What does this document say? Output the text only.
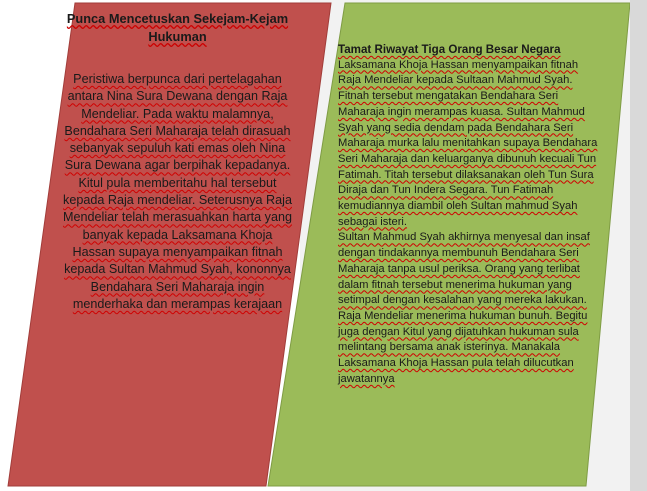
Punca Mencetuskan Sekejam-Kejam Hukuman

Peristiwa berpunca dari pertelagahan antara Nina Sura Dewana dengan Raja Mendeliar. Pada waktu malamnya, Bendahara Seri Maharaja telah dirasuah sebanyak sepuluh kati emas oleh Nina Sura Dewana agar berpihak kepadanya. Kitul pula memberitahu hal tersebut kepada Raja mendeliar. Seterusnya Raja Mendeliar telah merasuahkan harta yang banyak kepada Laksamana Khoja Hassan supaya menyampaikan fitnah kepada Sultan Mahmud Syah, kononnya Bendahara Seri Maharaja ingin menderhaka dan merampas kerajaan

Tamat Riwayat Tiga Orang Besar Negara

Laksamana Khoja Hassan menyampaikan fitnah Raja Mendeliar kepada Sultaan Mahmud Syah. Fitnah tersebut mengatakan Bendahara Seri Maharaja ingin merampas kuasa. Sultan Mahmud Syah yang sedia dendam pada Bendahara Seri Maharaja murka lalu menitahkan supaya Bendahara Seri Maharaja dan keluarganya dibunuh kecuali Tun Fatimah. Titah tersebut dilaksanakan oleh Tun Sura Diraja dan Tun Indera Segara. Tun Fatimah kemudiannya diambil oleh Sultan mahmud Syah sebagai isteri.

Sultan Mahmud Syah akhirnya menyesal dan insaf dengan tindakannya membunuh Bendahara Seri Maharaja tanpa usul periksa. Orang yang terlibat dalam fitnah tersebut menerima hukuman yang setimpal dengan kesalahan yang mereka lakukan. Raja Mendeliar menerima hukuman bunuh. Begitu juga dengan Kitul yang dijatuhkan hukuman sula melintang bersama anak isterinya. Manakala Laksamana Khoja Hassan pula telah dilucutkan jawatannya
